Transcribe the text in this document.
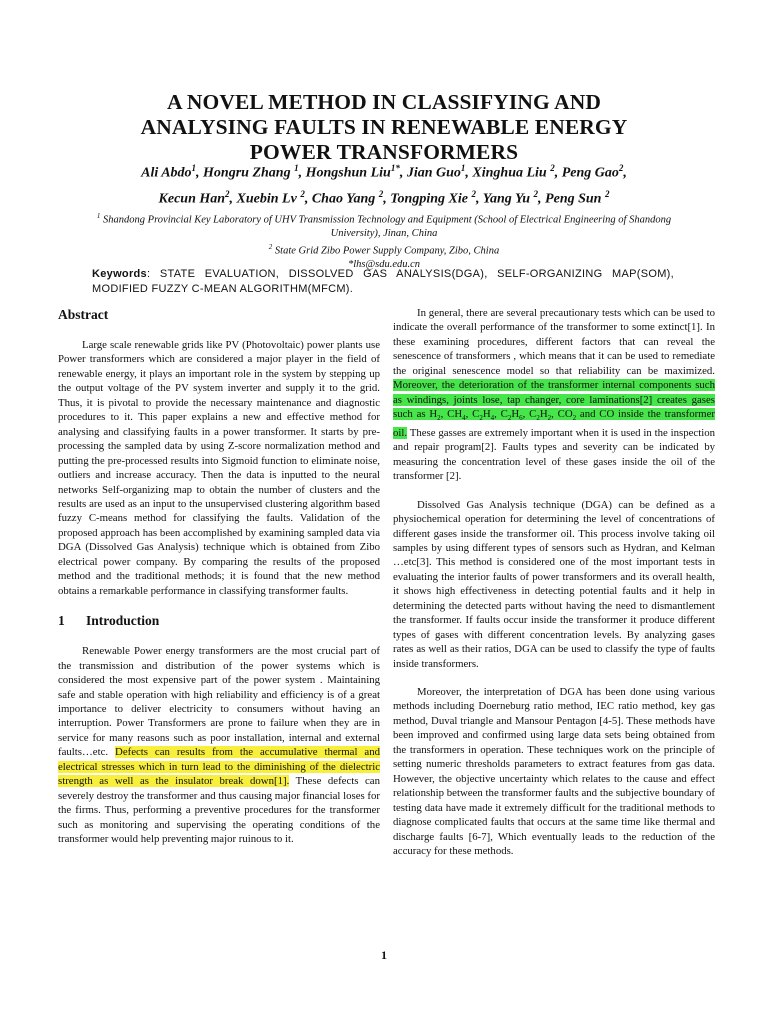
A NOVEL METHOD IN CLASSIFYING AND
ANALYSING FAULTS IN RENEWABLE ENERGY
POWER TRANSFORMERS
Ali Abdo$^1$, Hongru Zhang $^1$, Hongshun Liu$^{1*}$, Jian Guo$^1$, Xinghua Liu $^2$, Peng Gao$^2$,
Kecun Han$^2$, Xuebin Lv $^2$, Chao Yang $^2$, Tongping Xie $^2$, Yang Yu $^2$, Peng Sun $^2$
$^1$ Shandong Provincial Key Laboratory of UHV Transmission Technology and Equipment (School of Electrical Engineering of Shandong University), Jinan, China
$^2$ State Grid Zibo Power Supply Company, Zibo, China
*lhs@sdu.edu.cn
Keywords: STATE EVALUATION, DISSOLVED GAS ANALYSIS(DGA), SELF-ORGANIZING MAP(SOM), MODIFIED FUZZY C-MEAN ALGORITHM(MFCM).
Abstract

Large scale renewable grids like PV (Photovoltaic) power plants use Power transformers which are considered a major player in the field of renewable energy, it plays an important role in the system by stepping up the output voltage of the PV system inverter and supply it to the grid. Thus, it is pivotal to provide the necessary maintenance and diagnostic procedures to it. This paper explains a new and effective method for analysing and classifying faults in a power transformer. It starts by pre-processing the sampled data by using Z-score normalization method and putting the pre-processed results into Sigmoid function to eliminate noise, outliers and increase accuracy. Then the data is inputted to the neural networks Self-organizing map to obtain the number of clusters and the results are used as an input to the unsupervised clustering algorithm based fuzzy C-means method for classifying the faults. Validation of the proposed approach has been accomplished by examining sampled data via DGA (Dissolved Gas Analysis) technique which is obtained from Zibo electrical power company. By comparing the results of the proposed method and the traditional methods; it is found that the new method obtains a remarkable performance in classifying transformer faults.

1 Introduction

Renewable Power energy transformers are the most crucial part of the transmission and distribution of the power systems which is considered the most expensive part of the power system . Maintaining safe and stable operation with high reliability and efficiency is of a great importance to deliver electricity to consumers without having an interruption. Power Transformers are prone to failure when they are in service for many reasons such as poor installation, internal and external faults…etc. Defects can results from the accumulative thermal and electrical stresses which in turn lead to the diminishing of the dielectric strength as well as the insulator break down[1]. These defects can severely destroy the transformer and thus causing major financial loses for the firms. Thus, performing a preventive procedures for the transformer such as monitoring and supervising the operating conditions of the transformer would help preventing major ruinous to it.

In general, there are several precautionary tests which can be used to indicate the overall performance of the transformer to some extinct[1]. In these examining procedures, different factors that can reveal the senescence of transformers , which means that it can be used to remediate the original senescence model so that reliability can be maximized. Moreover, the deterioration of the transformer internal components such as windings, joints lose, tap changer, core laminations[2] creates gases such as $H_2$, $CH_4$, $C_2H_4$, $C_2H_6$, $C_2H_2$, $CO_2$ and CO inside the transformer oil. These gasses are extremely important when it is used in the inspection and repair program[2]. Faults types and severity can be indicated by measuring the concentration level of these gases inside the oil of the transformer [2].

Dissolved Gas Analysis technique (DGA) can be defined as a physiochemical operation for determining the level of concentrations of different gases inside the transformer oil. This process involve taking oil samples by using different types of sensors such as Hydran, and Kelman …etc[3]. This method is considered one of the most important tests in evaluating the interior faults of power transformers and its overall health, it shows high effectiveness in detecting potential faults and it help in determining the detected parts without having the need to dismantlement the transformer. If faults occur inside the transformer it produce different types of gases with different concentration levels. By analyzing gases rates as well as their ratios, DGA can be used to classify the type of faults inside transformers.

Moreover, the interpretation of DGA has been done using various methods including Doerneburg ratio method, IEC ratio method, key gas method, Duval triangle and Mansour Pentagon [4-5]. These methods have been improved and confirmed using large data sets being obtained from the transformers in operation. These techniques work on the principle of setting numeric thresholds parameters to extract features from gas data. However, the objective uncertainty which relates to the cause and effect relationship between the transformer faults and the subjective boundary of testing data have made it extremely difficult for the traditional methods to diagnose complicated faults that occurs at the same time like thermal and discharge faults [6-7], Which eventually leads to the reduction of the accuracy for these methods.

1
